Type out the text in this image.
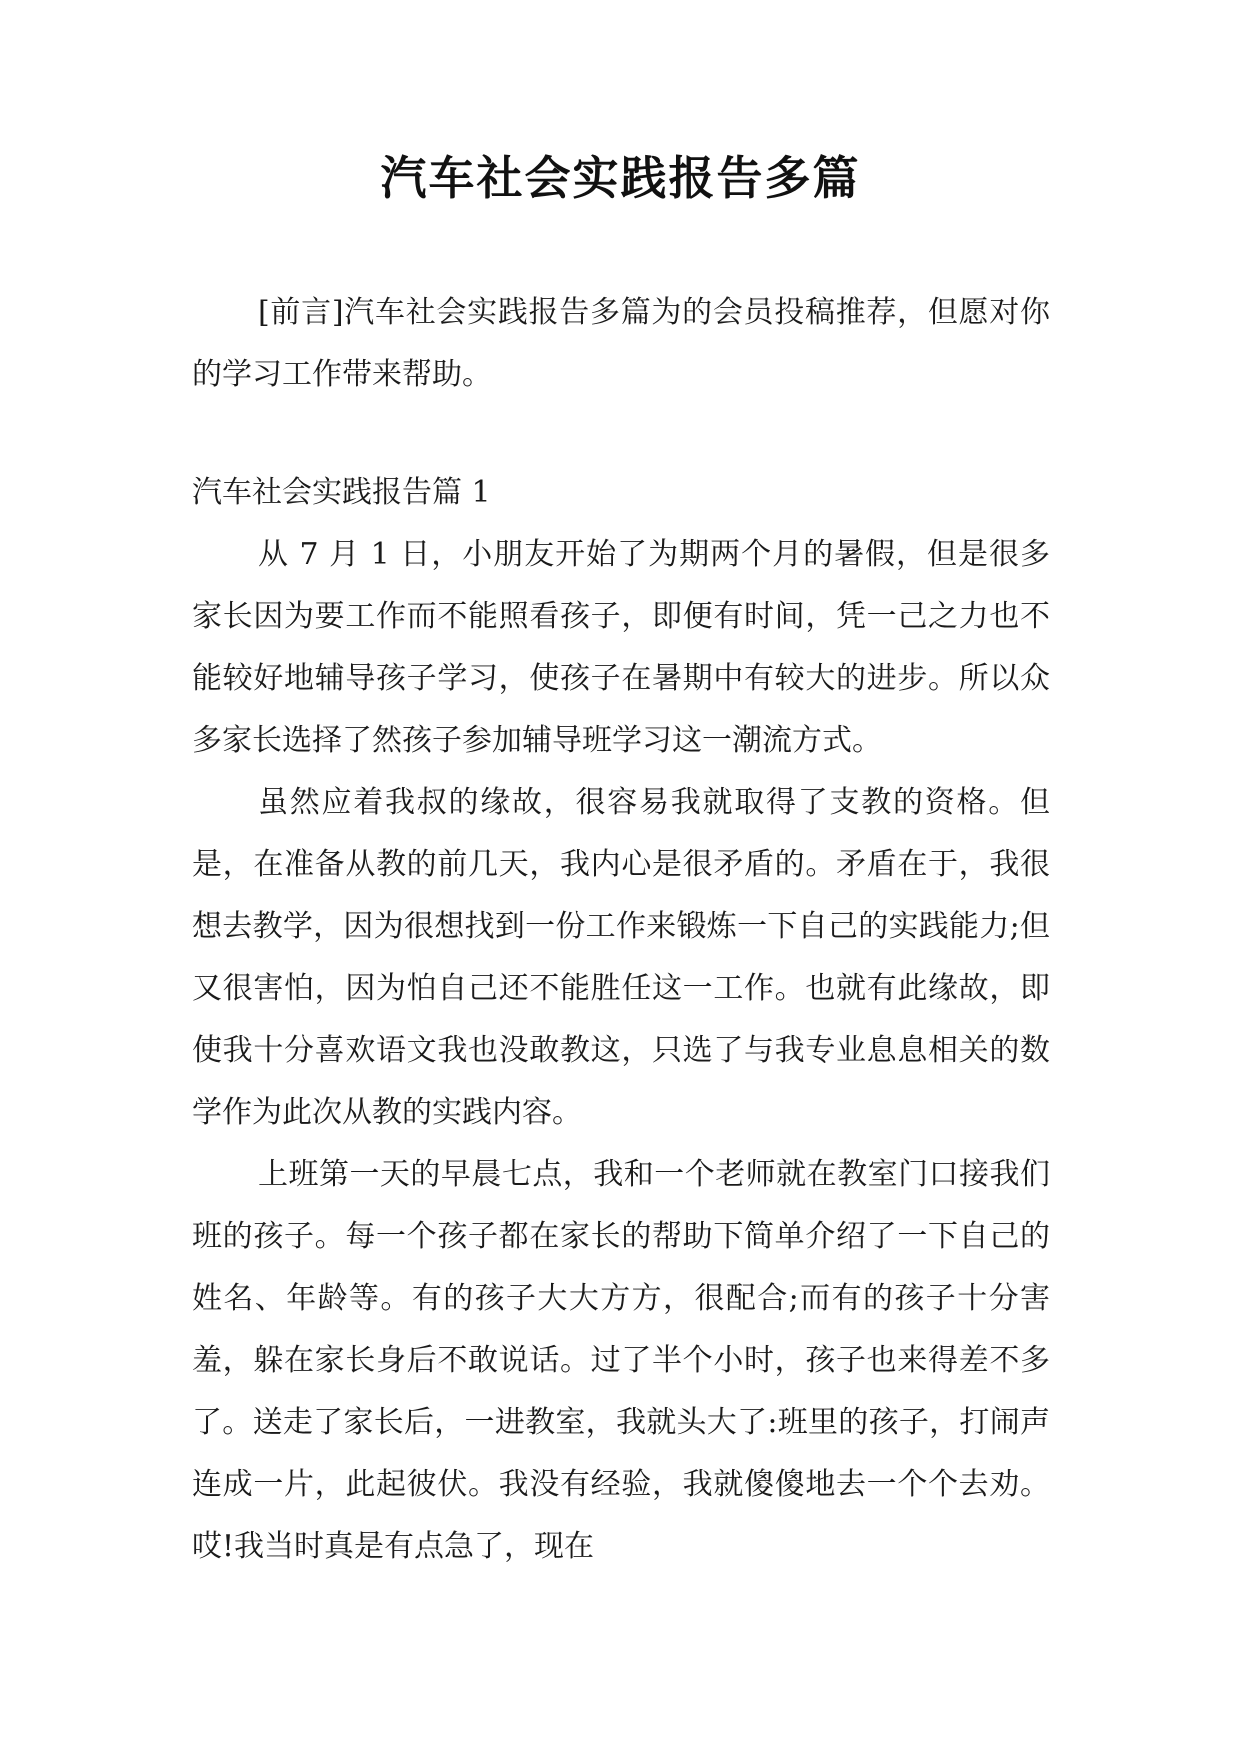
汽车社会实践报告多篇

[前言]汽车社会实践报告多篇为的会员投稿推荐，但愿对你的学习工作带来帮助。

汽车社会实践报告篇 1

从 7 月 1 日，小朋友开始了为期两个月的暑假，但是很多家长因为要工作而不能照看孩子，即便有时间，凭一己之力也不能较好地辅导孩子学习，使孩子在暑期中有较大的进步。所以众多家长选择了然孩子参加辅导班学习这一潮流方式。

虽然应着我叔的缘故，很容易我就取得了支教的资格。但是，在准备从教的前几天，我内心是很矛盾的。矛盾在于，我很想去教学，因为很想找到一份工作来锻炼一下自己的实践能力;但又很害怕，因为怕自己还不能胜任这一工作。也就有此缘故，即使我十分喜欢语文我也没敢教这，只选了与我专业息息相关的数学作为此次从教的实践内容。

上班第一天的早晨七点，我和一个老师就在教室门口接我们班的孩子。每一个孩子都在家长的帮助下简单介绍了一下自己的姓名、年龄等。有的孩子大大方方，很配合;而有的孩子十分害羞，躲在家长身后不敢说话。过了半个小时，孩子也来得差不多了。送走了家长后，一进教室，我就头大了:班里的孩子，打闹声连成一片，此起彼伏。我没有经验，我就傻傻地去一个个去劝。哎!我当时真是有点急了，现在
